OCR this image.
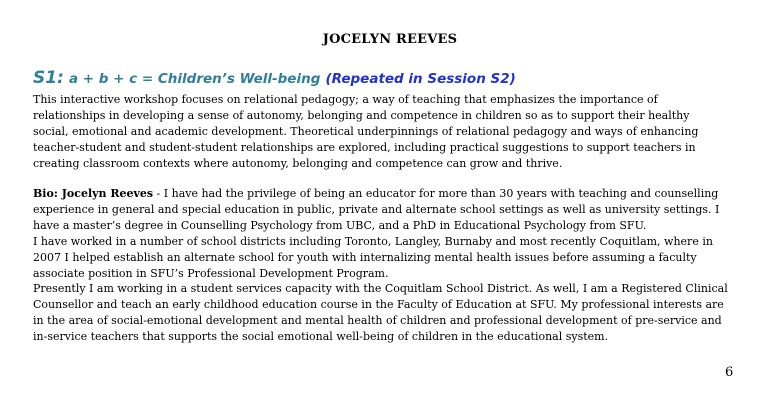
JOCELYN REEVES
S1: a + b + c = Children’s Well-being (Repeated in Session S2)
This interactive workshop focuses on relational pedagogy; a way of teaching that emphasizes the importance of
relationships in developing a sense of autonomy, belonging and competence in children so as to support their healthy
social, emotional and academic development. Theoretical underpinnings of relational pedagogy and ways of enhancing
teacher-student and student-student relationships are explored, including practical suggestions to support teachers in
creating classroom contexts where autonomy, belonging and competence can grow and thrive.
Bio: Jocelyn Reeves - I have had the privilege of being an educator for more than 30 years with teaching and counselling
experience in general and special education in public, private and alternate school settings as well as university settings. I
have a master’s degree in Counselling Psychology from UBC, and a PhD in Educational Psychology from SFU.
I have worked in a number of school districts including Toronto, Langley, Burnaby and most recently Coquitlam, where in
2007 I helped establish an alternate school for youth with internalizing mental health issues before assuming a faculty
associate position in SFU’s Professional Development Program.
Presently I am working in a student services capacity with the Coquitlam School District. As well, I am a Registered Clinical
Counsellor and teach an early childhood education course in the Faculty of Education at SFU. My professional interests are
in the area of social-emotional development and mental health of children and professional development of pre-service and
in-service teachers that supports the social emotional well-being of children in the educational system.
6
